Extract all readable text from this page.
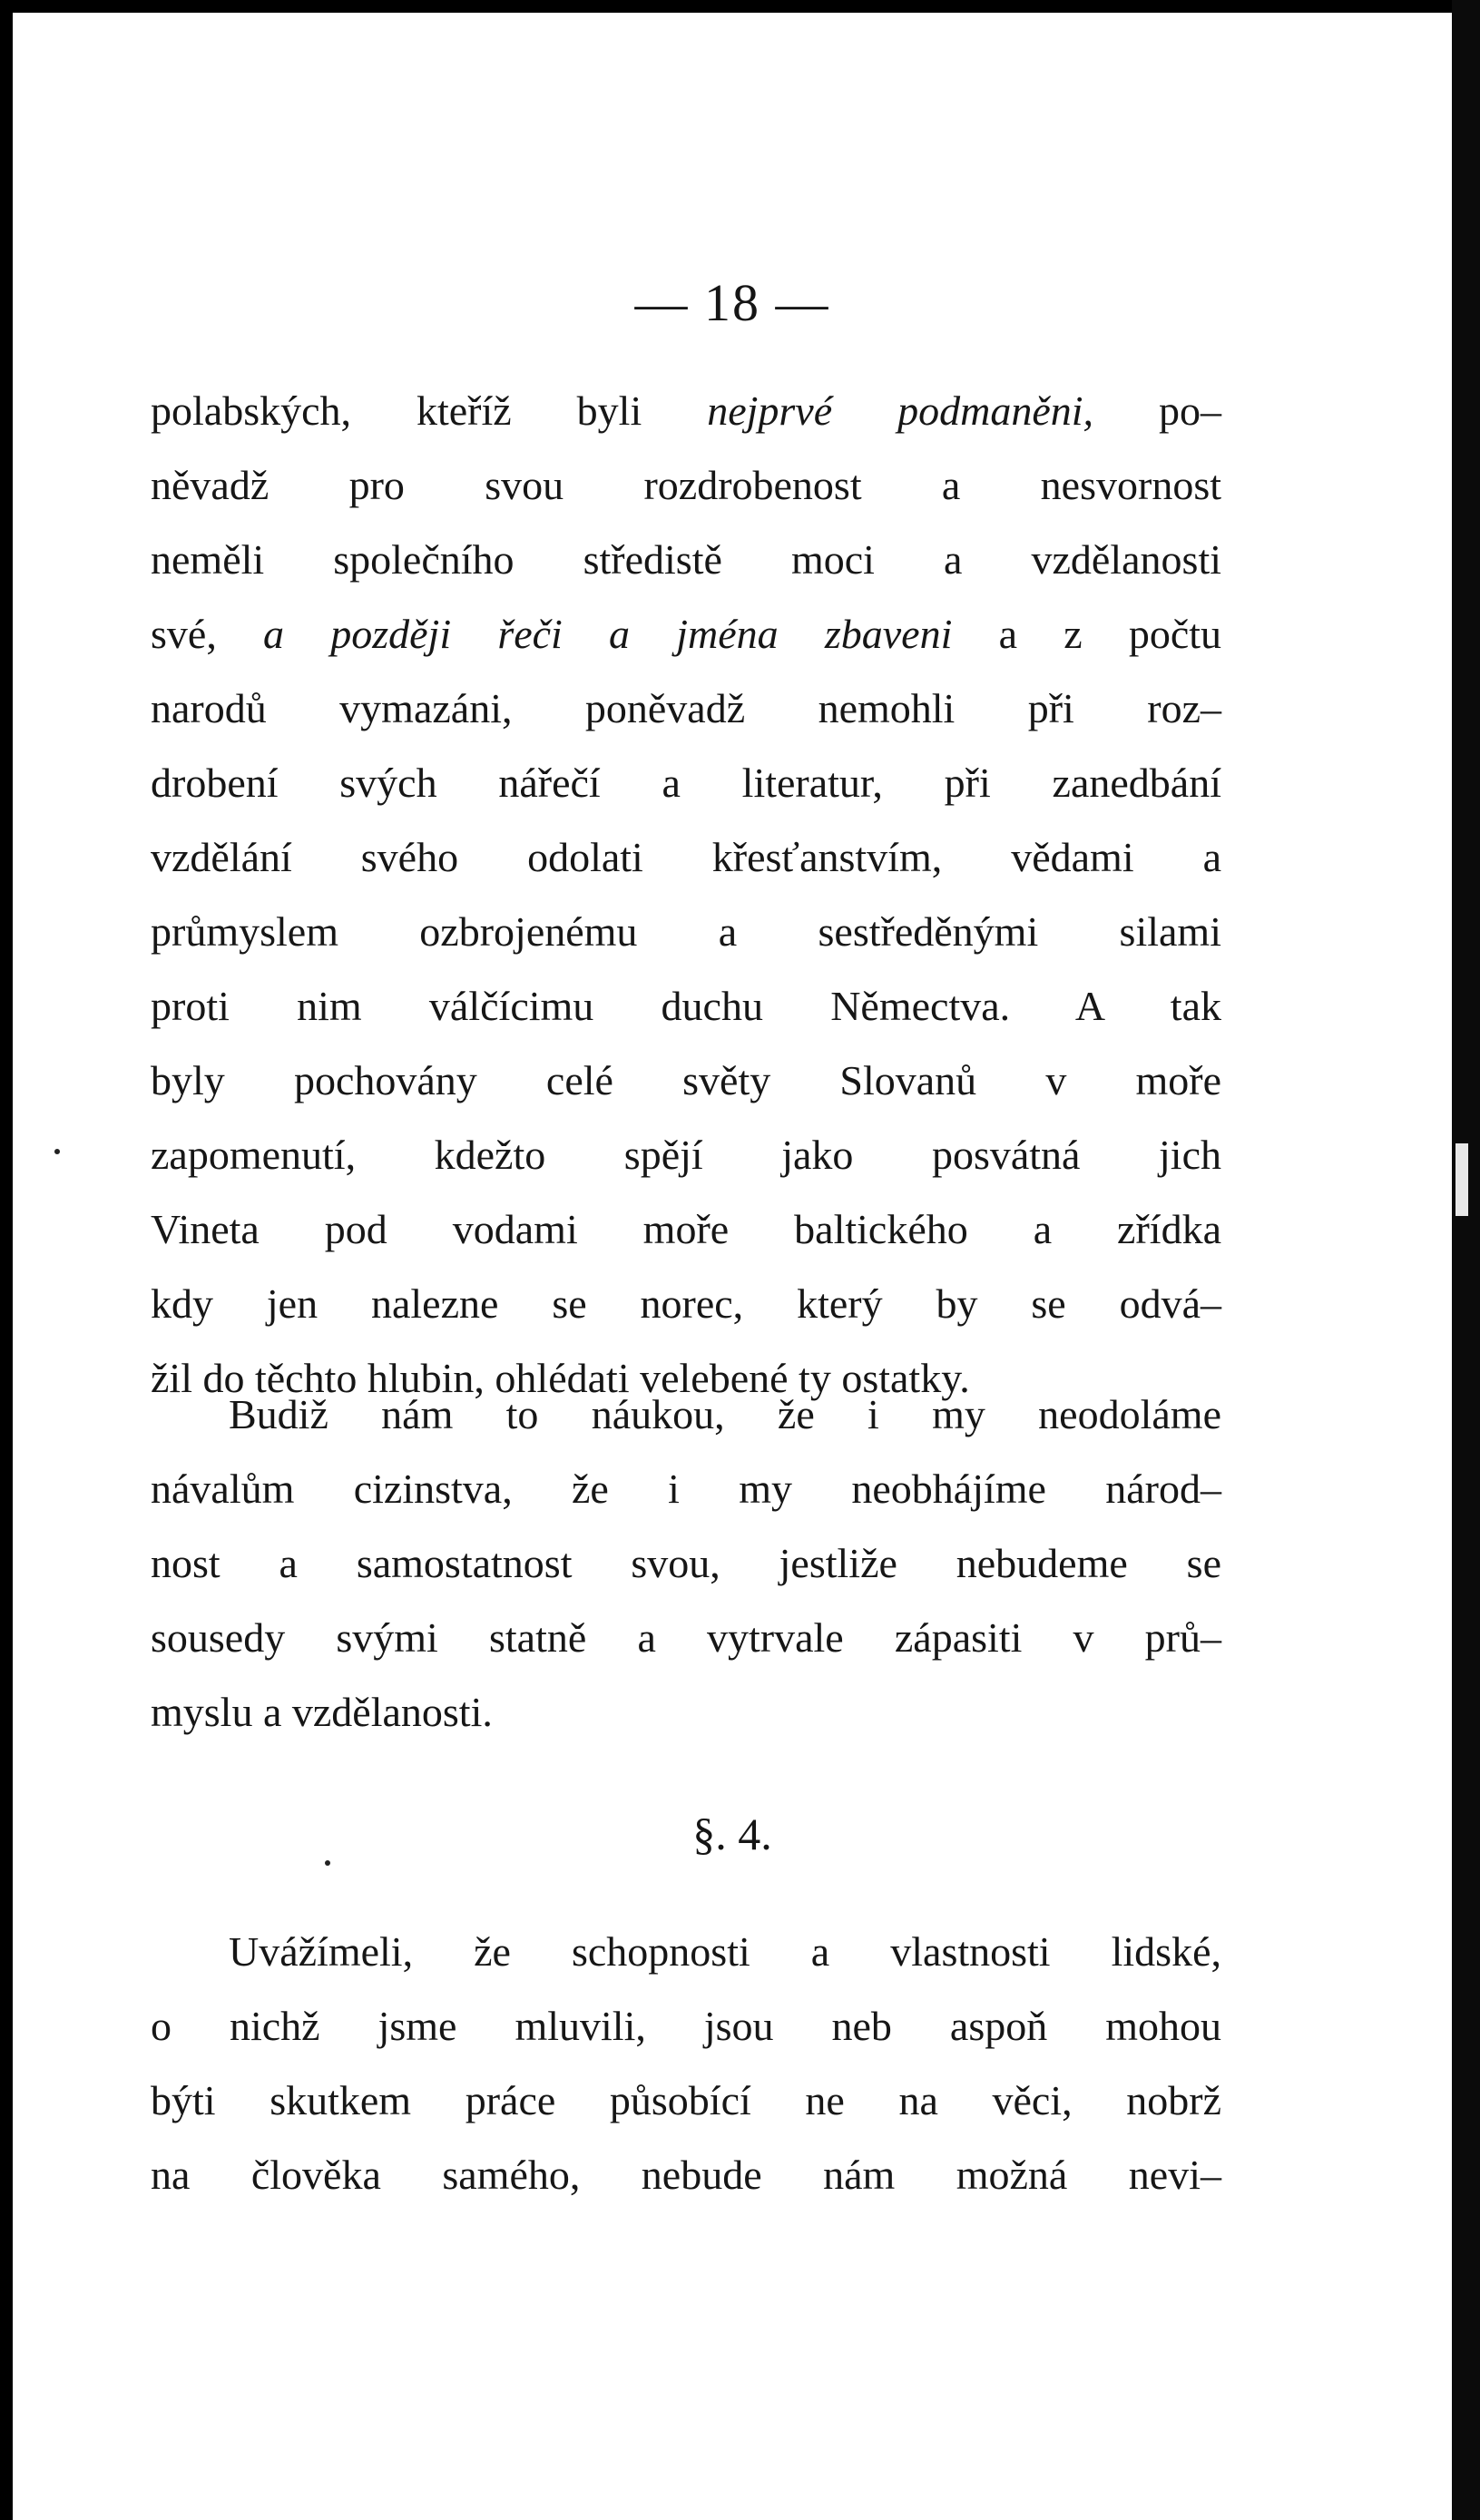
— 18 —
polabských, kteříž byli nejprvé podmaněni, po–
něvadž pro svou rozdrobenost a nesvornost
neměli společního středistě moci a vzdělanosti
své, a později řeči a jména zbaveni a z počtu
narodů vymazáni, poněvadž nemohli při roz–
drobení svých nářečí a literatur, při zanedbání
vzdělání svého odolati křesťanstvím, vědami a
průmyslem ozbrojenému a sestředěnými silami
proti nim válčícimu duchu Němectva. A tak
byly pochovány celé světy Slovanů v moře
zapomenutí, kdežto spějí jako posvátná jich
Vineta pod vodami moře baltického a zřídka
kdy jen nalezne se norec, který by se odvá–
žil do těchto hlubin, ohlédati velebené ty ostatky.
Budiž nám to náukou, že i my neodoláme
návalům cizinstva, že i my neobhájíme národ–
nost a samostatnost svou, jestliže nebudeme se
sousedy svými statně a vytrvale zápasiti v prů–
myslu a vzdělanosti.
§. 4.
Uvážímeli, že schopnosti a vlastnosti lidské,
o nichž jsme mluvili, jsou neb aspoň mohou
býti skutkem práce působící ne na věci, nobrž
na člověka samého, nebude nám možná nevi–
